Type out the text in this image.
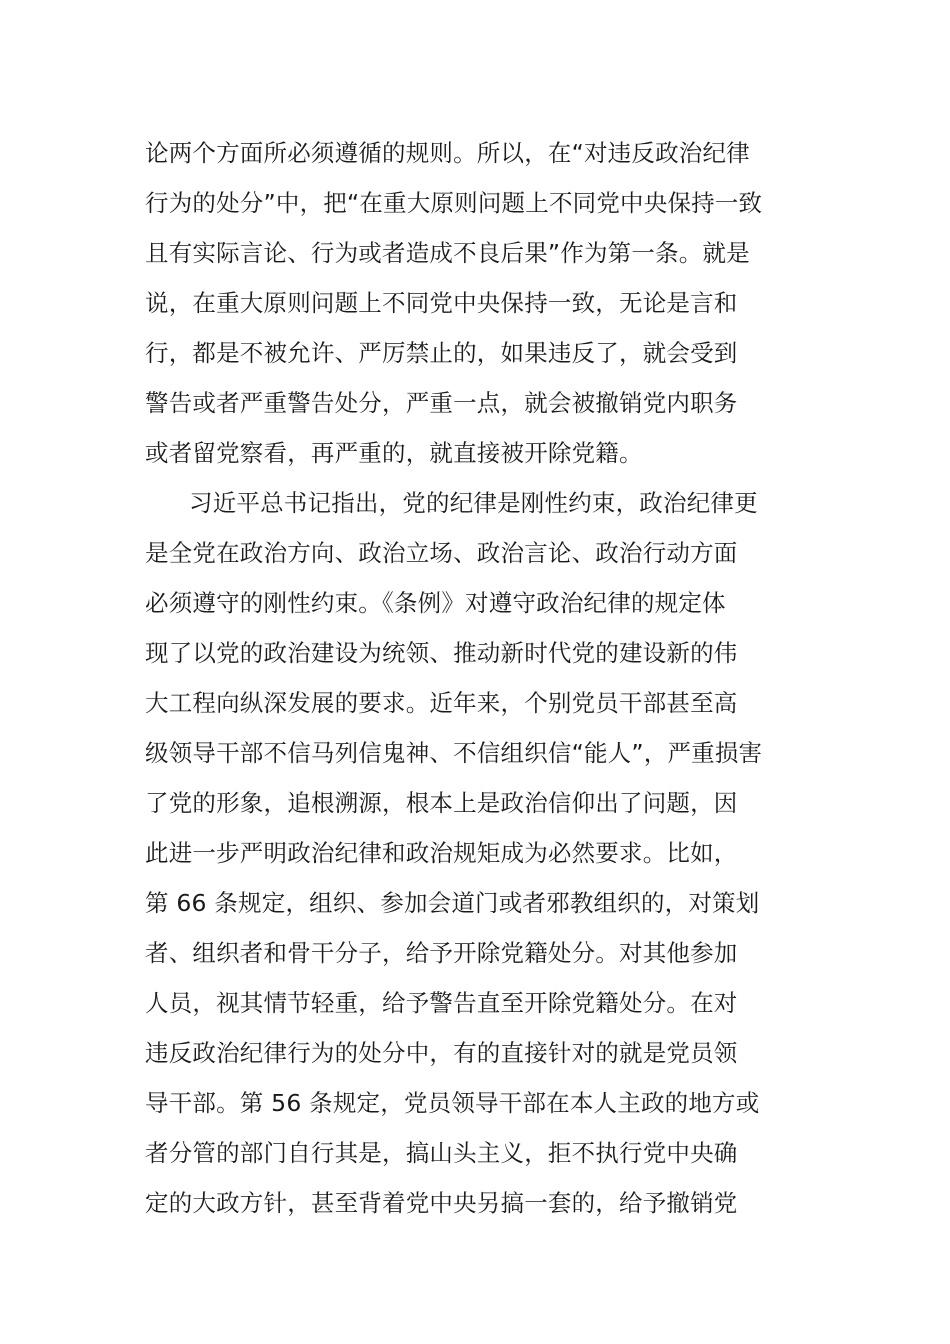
论两个方面所必须遵循的规则。所以，在“对违反政治纪律
行为的处分”中，把“在重大原则问题上不同党中央保持一致
且有实际言论、行为或者造成不良后果”作为第一条。就是
说，在重大原则问题上不同党中央保持一致，无论是言和
行，都是不被允许、严厉禁止的，如果违反了，就会受到
警告或者严重警告处分，严重一点，就会被撤销党内职务
或者留党察看，再严重的，就直接被开除党籍。
习近平总书记指出，党的纪律是刚性约束，政治纪律更
是全党在政治方向、政治立场、政治言论、政治行动方面
必须遵守的刚性约束。《条例》对遵守政治纪律的规定体
现了以党的政治建设为统领、推动新时代党的建设新的伟
大工程向纵深发展的要求。近年来，个别党员干部甚至高
级领导干部不信马列信鬼神、不信组织信“能人”，严重损害
了党的形象，追根溯源，根本上是政治信仰出了问题，因
此进一步严明政治纪律和政治规矩成为必然要求。比如，
第 66 条规定，组织、参加会道门或者邪教组织的，对策划
者、组织者和骨干分子，给予开除党籍处分。对其他参加
人员，视其情节轻重，给予警告直至开除党籍处分。在对
违反政治纪律行为的处分中，有的直接针对的就是党员领
导干部。第 56 条规定，党员领导干部在本人主政的地方或
者分管的部门自行其是，搞山头主义，拒不执行党中央确
定的大政方针，甚至背着党中央另搞一套的，给予撤销党
